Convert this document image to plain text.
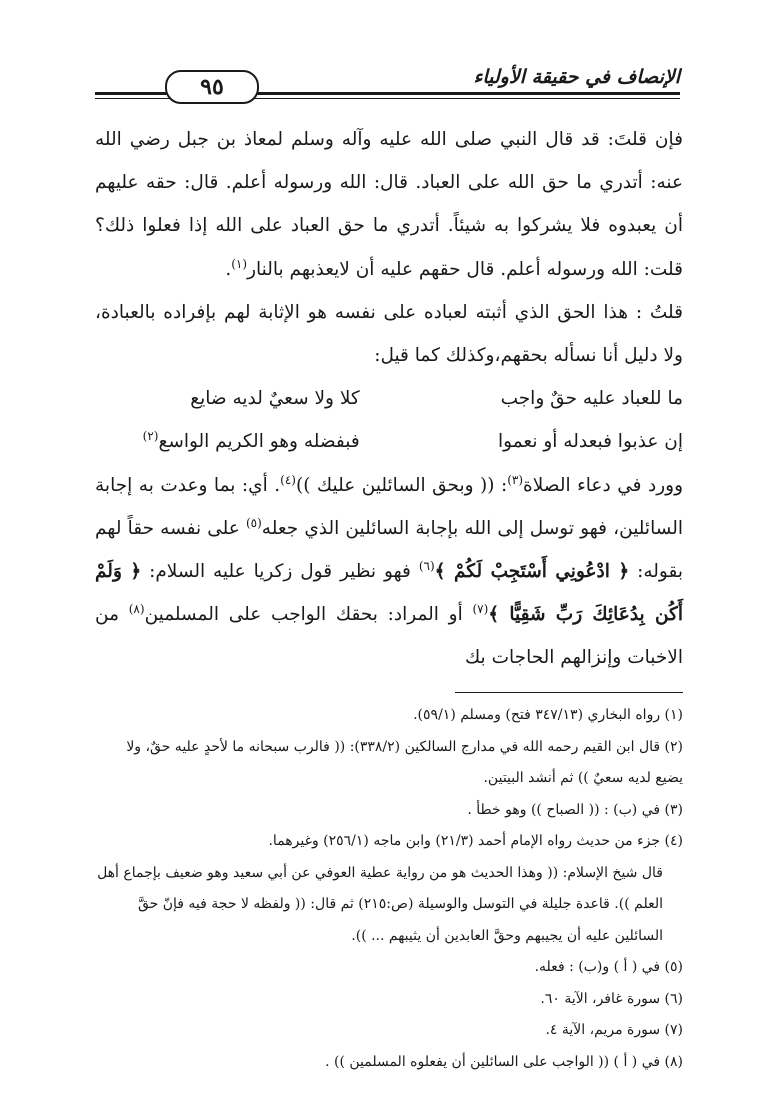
الإنصاف في حقيقة الأولياء
٩٥

فإن قلتَ: قد قال النبي صلى الله عليه وآله وسلم لمعاذ بن جبل رضي الله عنه: أتدري ما حق الله على العباد. قال: الله ورسوله أعلم. قال: حقه عليهم أن يعبدوه فلا يشركوا به شيئاً. أتدري ما حق العباد على الله إذا فعلوا ذلك؟ قلت: الله ورسوله أعلم. قال حقهم عليه أن لايعذبهم بالنار$^{(١)}$.

قلتُ : هذا الحق الذي أثبته لعباده على نفسه هو الإثابة لهم بإفراده بالعبادة، ولا دليل أنا نسأله بحقهم،وكذلك كما قيل:

ما للعباد عليه حقٌ واجب
كلا ولا سعيٌ لديه ضايع
إن عذبوا فبعدله أو نعموا
فبفضله وهو الكريم الواسع$^{(٢)}$

وورد في دعاء الصلاة$^{(٣)}$: (( وبحق السائلين عليك ))$^{(٤)}$. أي: بما وعدت به إجابة السائلين، فهو توسل إلى الله بإجابة السائلين الذي جعله$^{(٥)}$ على نفسه حقاً لهم بقوله: ﴿ ادْعُونِي أَسْتَجِبْ لَكُمْ ﴾$^{(٦)}$ فهو نظير قول زكريا عليه السلام: ﴿ وَلَمْ أَكُن بِدُعَائِكَ رَبِّ شَقِيًّا ﴾$^{(٧)}$ أو المراد: بحقك الواجب على المسلمين$^{(٨)}$ من الاخبات وإنزالهم الحاجات بك

(١) رواه البخاري (٣٤٧/١٣ فتح) ومسلم (٥٩/١).

(٢) قال ابن القيم رحمه الله في مدارج السالكين (٣٣٨/٢): (( فالرب سبحانه ما لأحدٍ عليه حقٌ، ولا يضيع لديه سعيٌ )) ثم أنشد البيتين.

(٣) في (ب) : (( الصباح )) وهو خطأ .

(٤) جزء من حديث رواه الإمام أحمد (٢١/٣) وابن ماجه (٢٥٦/١) وغيرهما.

قال شيخ الإسلام: (( وهذا الحديث هو من رواية عطية العوفي عن أبي سعيد وهو ضعيف بإجماع أهل العلم )). قاعدة جليلة في التوسل والوسيلة (ص:٢١٥) ثم قال: (( ولفظه لا حجة فيه فإنّ حقَّ السائلين عليه أن يجيبهم وحقَّ العابدين أن يثيبهم ... )).

(٥) في ( أ ) و(ب) : فعله.

(٦) سورة غافر، الآية ٦٠.

(٧) سورة مريم، الآية ٤.

(٨) في ( أ ) (( الواجب على السائلين أن يفعلوه المسلمين )) .
